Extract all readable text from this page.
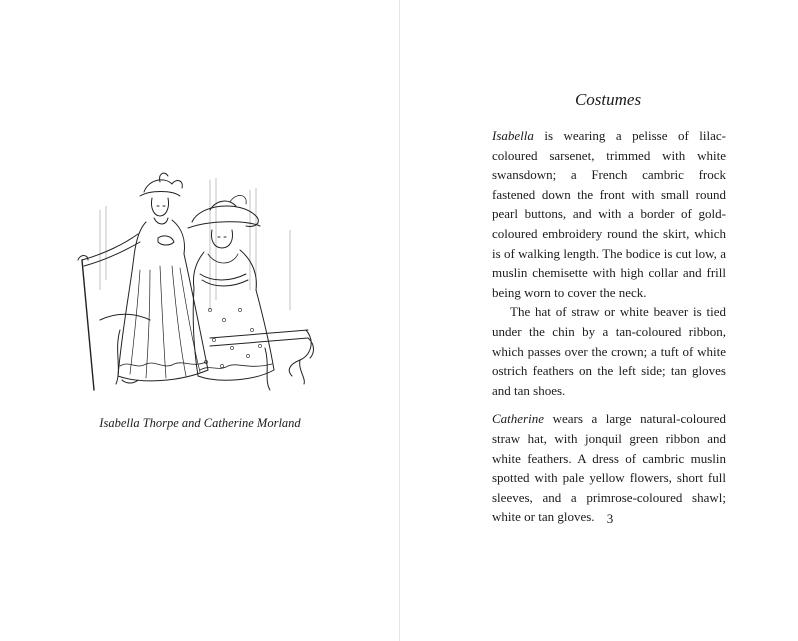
Isabella Thorpe and Catherine Morland
Costumes

Isabella is wearing a pelisse of lilac-coloured sarsenet, trimmed with white swansdown; a French cambric frock fastened down the front with small round pearl buttons, and with a border of gold-coloured embroidery round the skirt, which is of walking length. The bodice is cut low, a muslin chemisette with high collar and frill being worn to cover the neck.

The hat of straw or white beaver is tied under the chin by a tan-coloured ribbon, which passes over the crown; a tuft of white ostrich feathers on the left side; tan gloves and tan shoes.

Catherine wears a large natural-coloured straw hat, with jonquil green ribbon and white feathers. A dress of cambric muslin spotted with pale yellow flowers, short full sleeves, and a primrose-coloured shawl; white or tan gloves. 3
